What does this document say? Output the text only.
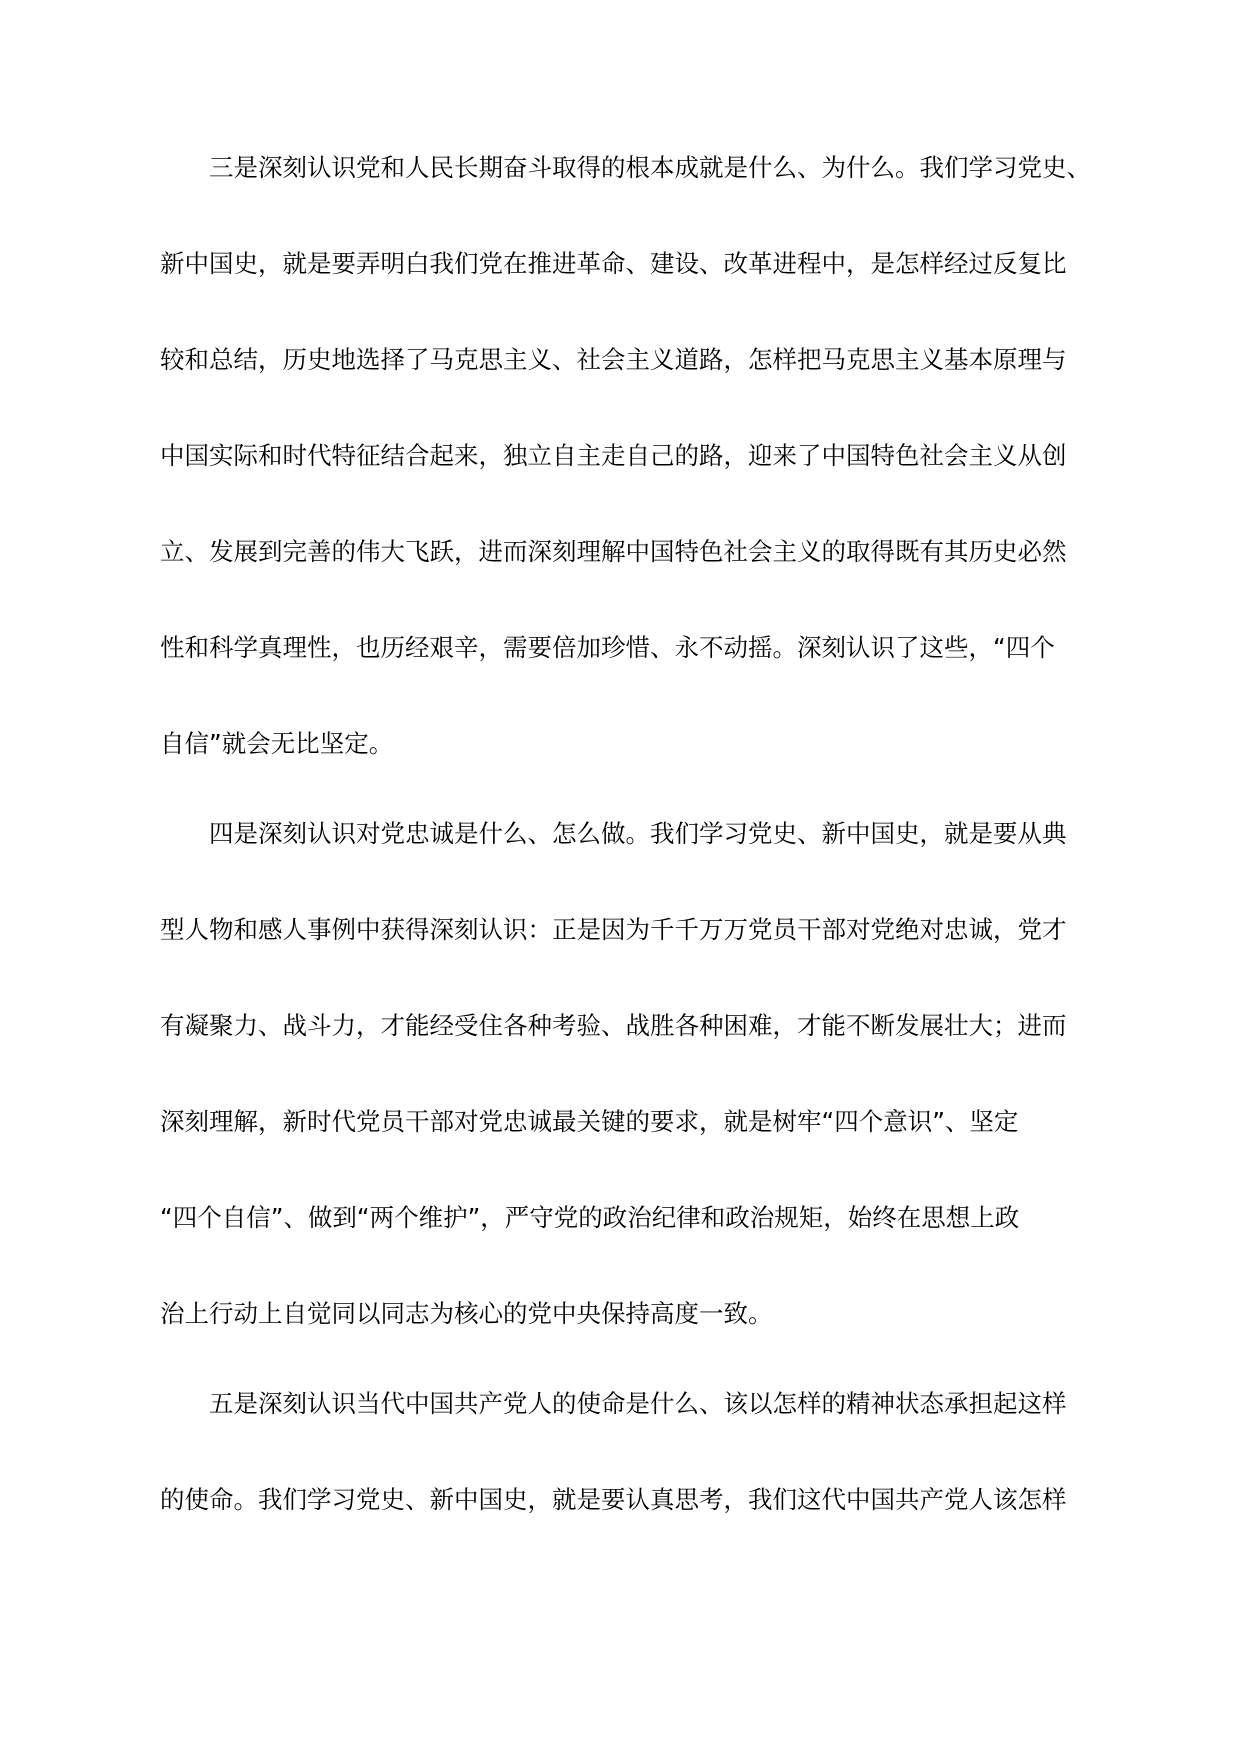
三是深刻认识党和人民长期奋斗取得的根本成就是什么、为什么。我们学习党史、
新中国史，就是要弄明白我们党在推进革命、建设、改革进程中，是怎样经过反复比
较和总结，历史地选择了马克思主义、社会主义道路，怎样把马克思主义基本原理与
中国实际和时代特征结合起来，独立自主走自己的路，迎来了中国特色社会主义从创
立、发展到完善的伟大飞跃，进而深刻理解中国特色社会主义的取得既有其历史必然
性和科学真理性，也历经艰辛，需要倍加珍惜、永不动摇。深刻认识了这些，“四个
自信”就会无比坚定。
四是深刻认识对党忠诚是什么、怎么做。我们学习党史、新中国史，就是要从典
型人物和感人事例中获得深刻认识：正是因为千千万万党员干部对党绝对忠诚，党才
有凝聚力、战斗力，才能经受住各种考验、战胜各种困难，才能不断发展壮大；进而
深刻理解，新时代党员干部对党忠诚最关键的要求，就是树牢“四个意识”、坚定
“四个自信”、做到“两个维护”，严守党的政治纪律和政治规矩，始终在思想上政
治上行动上自觉同以同志为核心的党中央保持高度一致。
五是深刻认识当代中国共产党人的使命是什么、该以怎样的精神状态承担起这样
的使命。我们学习党史、新中国史，就是要认真思考，我们这代中国共产党人该怎样
